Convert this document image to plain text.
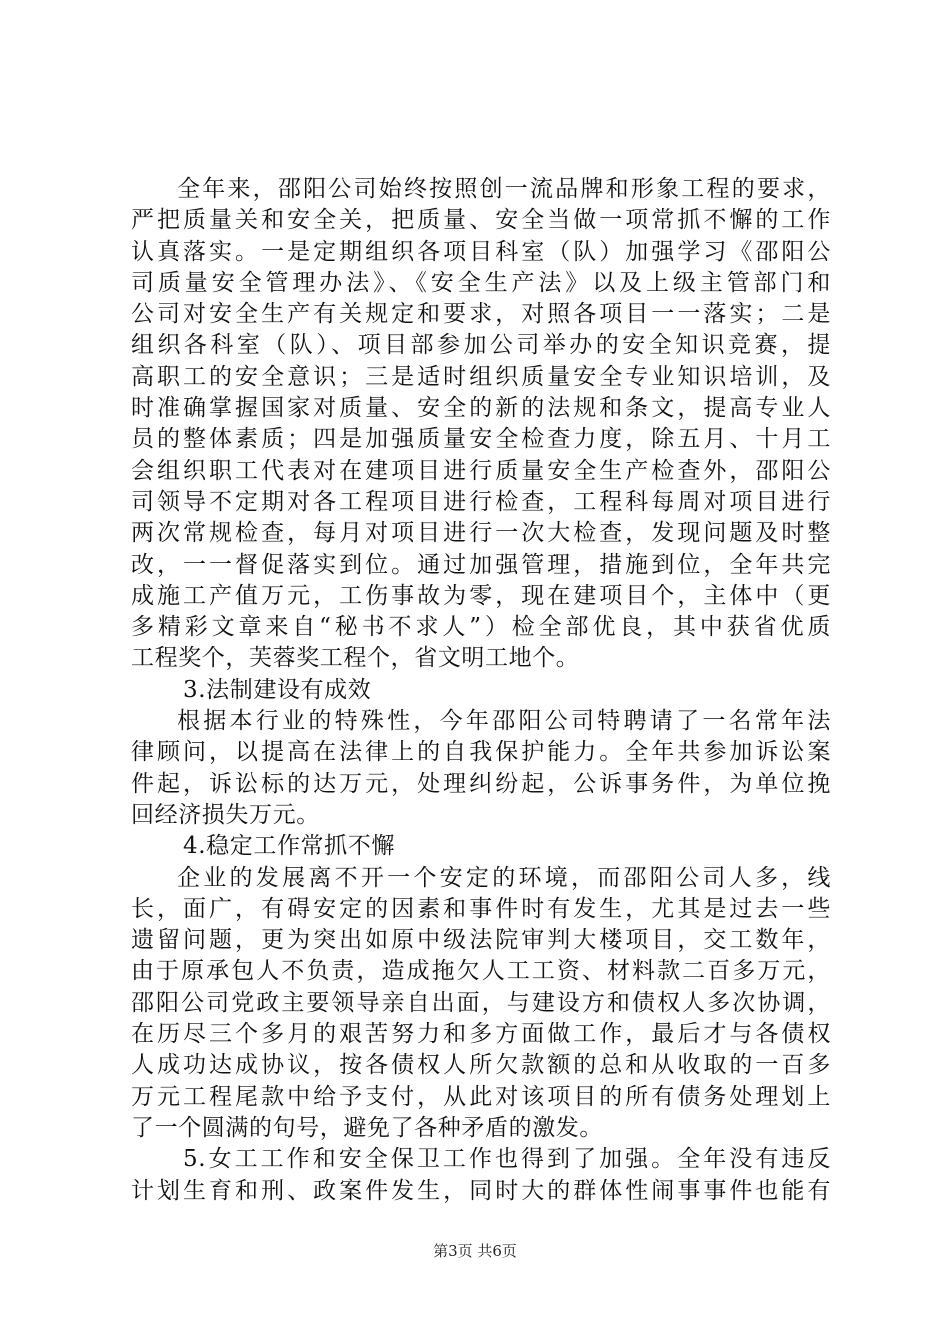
全年来，邵阳公司始终按照创一流品牌和形象工程的要求，
严把质量关和安全关，把质量、安全当做一项常抓不懈的工作
认真落实。一是定期组织各项目科室（队）加强学习《邵阳公
司质量安全管理办法》、《安全生产法》以及上级主管部门和
公司对安全生产有关规定和要求，对照各项目一一落实；二是
组织各科室（队）、项目部参加公司举办的安全知识竞赛，提
高职工的安全意识；三是适时组织质量安全专业知识培训，及
时准确掌握国家对质量、安全的新的法规和条文，提高专业人
员的整体素质；四是加强质量安全检查力度，除五月、十月工
会组织职工代表对在建项目进行质量安全生产检查外，邵阳公
司领导不定期对各工程项目进行检查，工程科每周对项目进行
两次常规检查，每月对项目进行一次大检查，发现问题及时整
改，一一督促落实到位。通过加强管理，措施到位，全年共完
成施工产值万元，工伤事故为零，现在建项目个，主体中（更
多精彩文章来自“秘书不求人”）检全部优良，其中获省优质
工程奖个，芙蓉奖工程个，省文明工地个。
3.法制建设有成效
根据本行业的特殊性，今年邵阳公司特聘请了一名常年法
律顾问，以提高在法律上的自我保护能力。全年共参加诉讼案
件起，诉讼标的达万元，处理纠纷起，公诉事务件，为单位挽
回经济损失万元。
4.稳定工作常抓不懈
企业的发展离不开一个安定的环境，而邵阳公司人多，线
长，面广，有碍安定的因素和事件时有发生，尤其是过去一些
遗留问题，更为突出如原中级法院审判大楼项目，交工数年，
由于原承包人不负责，造成拖欠人工工资、材料款二百多万元，
邵阳公司党政主要领导亲自出面，与建设方和债权人多次协调，
在历尽三个多月的艰苦努力和多方面做工作，最后才与各债权
人成功达成协议，按各债权人所欠款额的总和从收取的一百多
万元工程尾款中给予支付，从此对该项目的所有债务处理划上
了一个圆满的句号，避免了各种矛盾的激发。
5.女工工作和安全保卫工作也得到了加强。全年没有违反
计划生育和刑、政案件发生，同时大的群体性闹事事件也能有
第3页 共6页
